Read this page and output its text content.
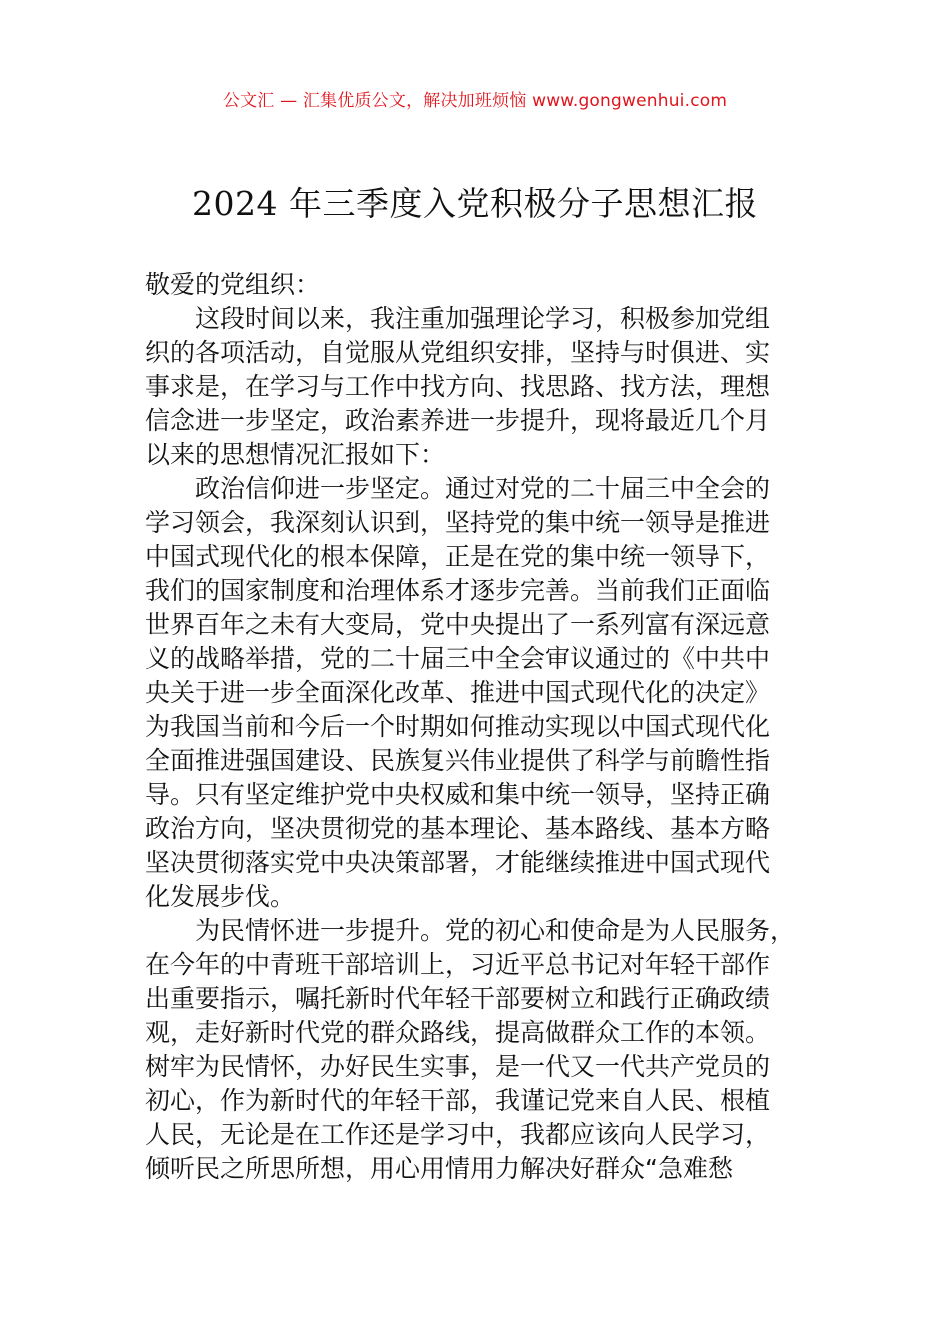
公文汇 — 汇集优质公文，解决加班烦恼 www.gongwenhui.com
2024 年三季度入党积极分子思想汇报
敬爱的党组织：
这段时间以来，我注重加强理论学习，积极参加党组
织的各项活动，自觉服从党组织安排，坚持与时俱进、实
事求是，在学习与工作中找方向、找思路、找方法，理想
信念进一步坚定，政治素养进一步提升，现将最近几个月
以来的思想情况汇报如下：
政治信仰进一步坚定。通过对党的二十届三中全会的
学习领会，我深刻认识到，坚持党的集中统一领导是推进
中国式现代化的根本保障，正是在党的集中统一领导下，
我们的国家制度和治理体系才逐步完善。当前我们正面临
世界百年之未有大变局，党中央提出了一系列富有深远意
义的战略举措，党的二十届三中全会审议通过的《中共中
央关于进一步全面深化改革、推进中国式现代化的决定》
为我国当前和今后一个时期如何推动实现以中国式现代化
全面推进强国建设、民族复兴伟业提供了科学与前瞻性指
导。只有坚定维护党中央权威和集中统一领导，坚持正确
政治方向，坚决贯彻党的基本理论、基本路线、基本方略
坚决贯彻落实党中央决策部署，才能继续推进中国式现代
化发展步伐。
为民情怀进一步提升。党的初心和使命是为人民服务，
在今年的中青班干部培训上，习近平总书记对年轻干部作
出重要指示，嘱托新时代年轻干部要树立和践行正确政绩
观，走好新时代党的群众路线，提高做群众工作的本领。
树牢为民情怀，办好民生实事，是一代又一代共产党员的
初心，作为新时代的年轻干部，我谨记党来自人民、根植
人民，无论是在工作还是学习中，我都应该向人民学习，
倾听民之所思所想，用心用情用力解决好群众“急难愁
